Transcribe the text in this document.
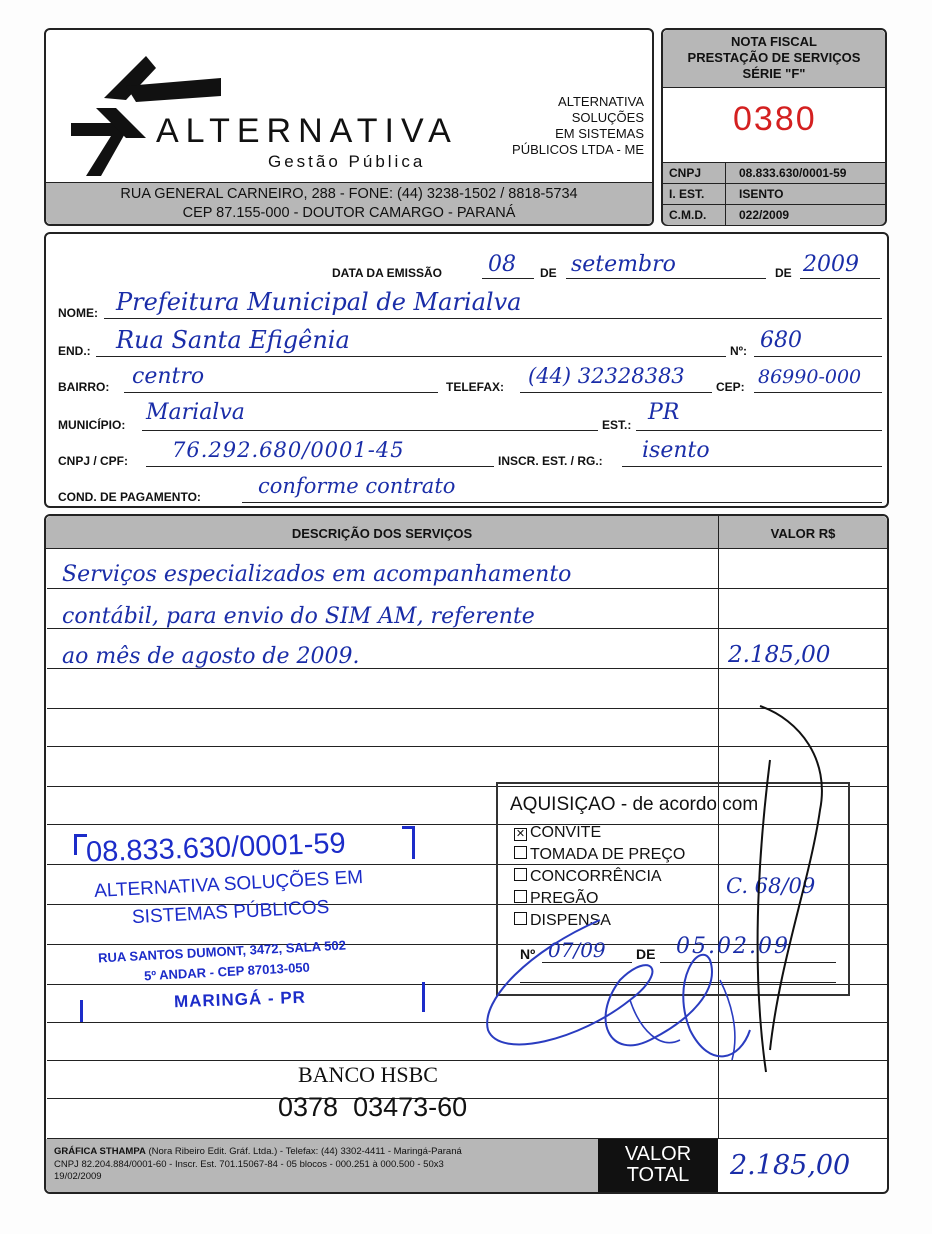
ALTERNATIVA
Gestão Pública
ALTERNATIVA
SOLUÇÕES
EM SISTEMAS
PÚBLICOS LTDA - ME
RUA GENERAL CARNEIRO, 288 - FONE: (44) 3238-1502 / 8818-5734
CEP 87.155-000 - DOUTOR CAMARGO - PARANÁ
NOTA FISCAL
PRESTAÇÃO DE SERVIÇOS
SÉRIE "F"
0380
CNPJ	08.833.630/0001-59
I. EST.	ISENTO
C.M.D.	022/2009
DATA DA EMISSÃO 08 DE setembro	DE 2009
NOME: Prefeitura Municipal de Marialva
END.: Rua Santa Efigênia	Nº: 680
BAIRRO: centro	TELEFAX: (44) 32328383	CEP: 86990-000
MUNICÍPIO: Marialva	EST.: PR
CNPJ / CPF: 76.292.680/0001-45	INSCR. EST. / RG.: isento
COND. DE PAGAMENTO:	conforme contrato
DESCRIÇÃO DOS SERVIÇOS	VALOR R$
Serviços especializados em acompanhamento
contábil, para envio do SIM AM, referente
ao mês de agosto de 2009.	2.185,00
AQUISIÇAO - de acordo com
✕ CONVITE
TOMADA DE PREÇO
CONCORRÊNCIA
PREGÃO
DISPENSA
C. 68/09
Nº 07/09 DE 05.02.09
08.833.630/0001-59
ALTERNATIVA SOLUÇÕES EM
SISTEMAS PÚBLICOS
RUA SANTOS DUMONT, 3472, SALA 502
5º ANDAR - CEP 87013-050
MARINGÁ - PR
BANCO HSBC
0378  03473-60
GRÁFICA STHAMPA (Nora Ribeiro Edit. Gráf. Ltda.) - Telefax: (44) 3302-4411 - Maringá-Paraná
CNPJ 82.204.884/0001-60 - Inscr. Est. 701.15067-84 - 05 blocos - 000.251 à 000.500 - 50x3
19/02/2009
VALOR
TOTAL	2.185,00
